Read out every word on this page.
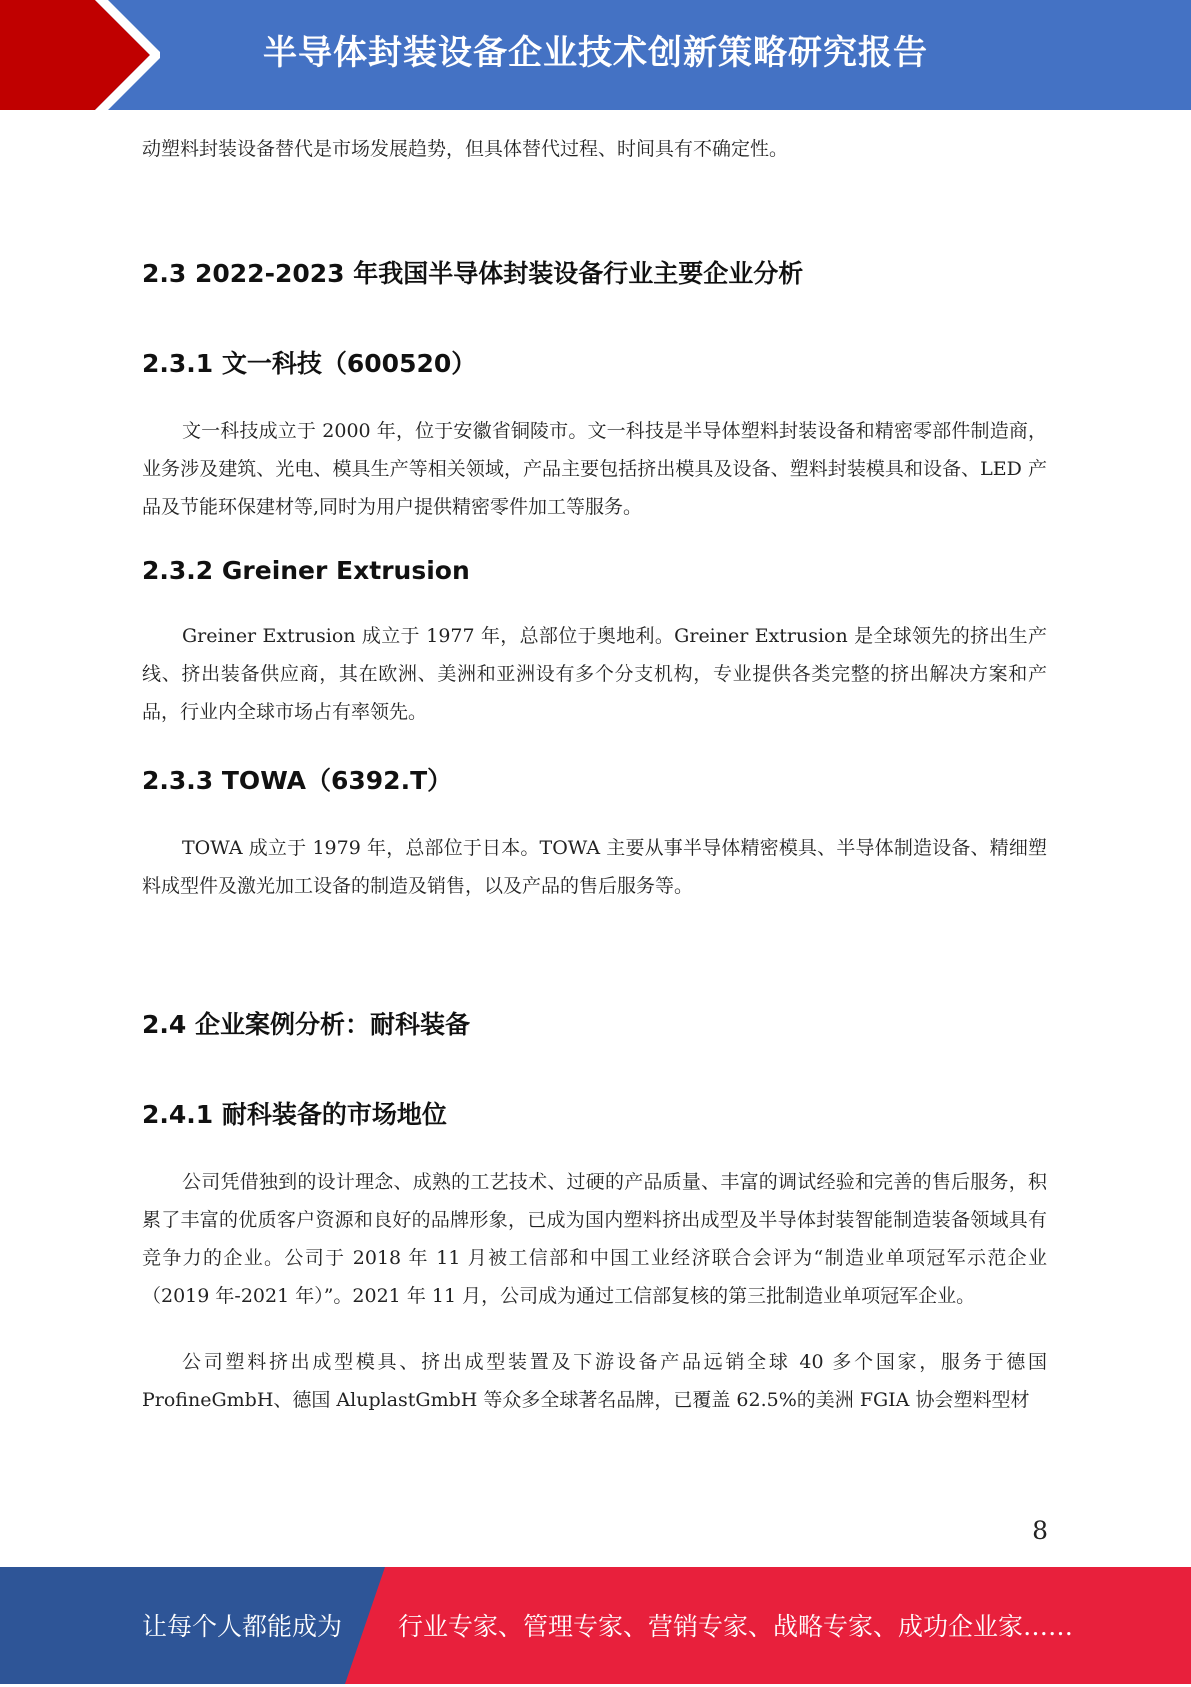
半导体封装设备企业技术创新策略研究报告

动塑料封装设备替代是市场发展趋势，但具体替代过程、时间具有不确定性。

2.3 2022-2023 年我国半导体封装设备行业主要企业分析
2.3.1 文一科技（600520）

文一科技成立于 2000 年，位于安徽省铜陵市。文一科技是半导体塑料封装设备和精密零部件制造商，业务涉及建筑、光电、模具生产等相关领域，产品主要包括挤出模具及设备、塑料封装模具和设备、LED 产品及节能环保建材等,同时为用户提供精密零件加工等服务。

2.3.2 Greiner Extrusion

Greiner Extrusion 成立于 1977 年，总部位于奥地利。Greiner Extrusion 是全球领先的挤出生产线、挤出装备供应商，其在欧洲、美洲和亚洲设有多个分支机构，专业提供各类完整的挤出解决方案和产品，行业内全球市场占有率领先。

2.3.3 TOWA（6392.T）

TOWA 成立于 1979 年，总部位于日本。TOWA 主要从事半导体精密模具、半导体制造设备、精细塑料成型件及激光加工设备的制造及销售，以及产品的售后服务等。

2.4 企业案例分析：耐科装备
2.4.1 耐科装备的市场地位

公司凭借独到的设计理念、成熟的工艺技术、过硬的产品质量、丰富的调试经验和完善的售后服务，积累了丰富的优质客户资源和良好的品牌形象，已成为国内塑料挤出成型及半导体封装智能制造装备领域具有竞争力的企业。公司于 2018 年 11 月被工信部和中国工业经济联合会评为“制造业单项冠军示范企业（2019 年-2021 年）”。2021 年 11 月，公司成为通过工信部复核的第三批制造业单项冠军企业。

公司塑料挤出成型模具、挤出成型装置及下游设备产品远销全球 40 多个国家，服务于德国 ProfineGmbH、德国 AluplastGmbH 等众多全球著名品牌，已覆盖 62.5%的美洲 FGIA 协会塑料型材

8
让每个人都能成为 行业专家、管理专家、营销专家、战略专家、成功企业家……
